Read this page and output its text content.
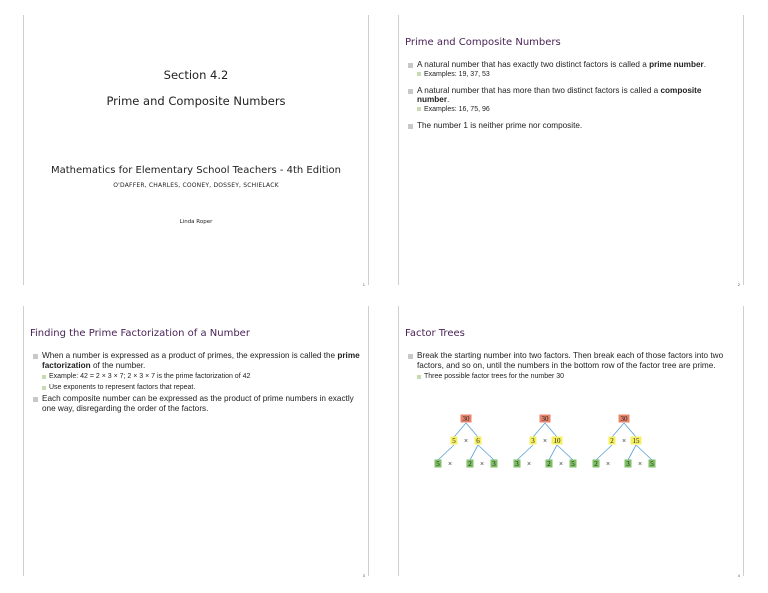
Section 4.2
Prime and Composite Numbers
Mathematics for Elementary School Teachers - 4th Edition
O'DAFFER, CHARLES, COONEY, DOSSEY, SCHIELACK
Linda Roper
1
Prime and Composite Numbers
A natural number that has exactly two distinct factors is called a prime number.
Examples: 19, 37, 53
A natural number that has more than two distinct factors is called a composite number.
Examples: 16, 75, 96
The number 1 is neither prime nor composite.
2
Finding the Prime Factorization of a Number
When a number is expressed as a product of primes, the expression is called the prime factorization of the number.
Example: 42 = 2 × 3 × 7; 2 × 3 × 7 is the prime factorization of 42
Use exponents to represent factors that repeat.
Each composite number can be expressed as the product of prime numbers in exactly one way, disregarding the order of the factors.
3
Factor Trees
Break the starting number into two factors. Then break each of those factors into two factors, and so on, until the numbers in the bottom row of the factor tree are prime.
Three possible factor trees for the number 30
30
5 × 6
5 × 2 × 3
30
3 × 10
3 × 2 × 5
30
2 × 15
2 × 3 × 5
4
